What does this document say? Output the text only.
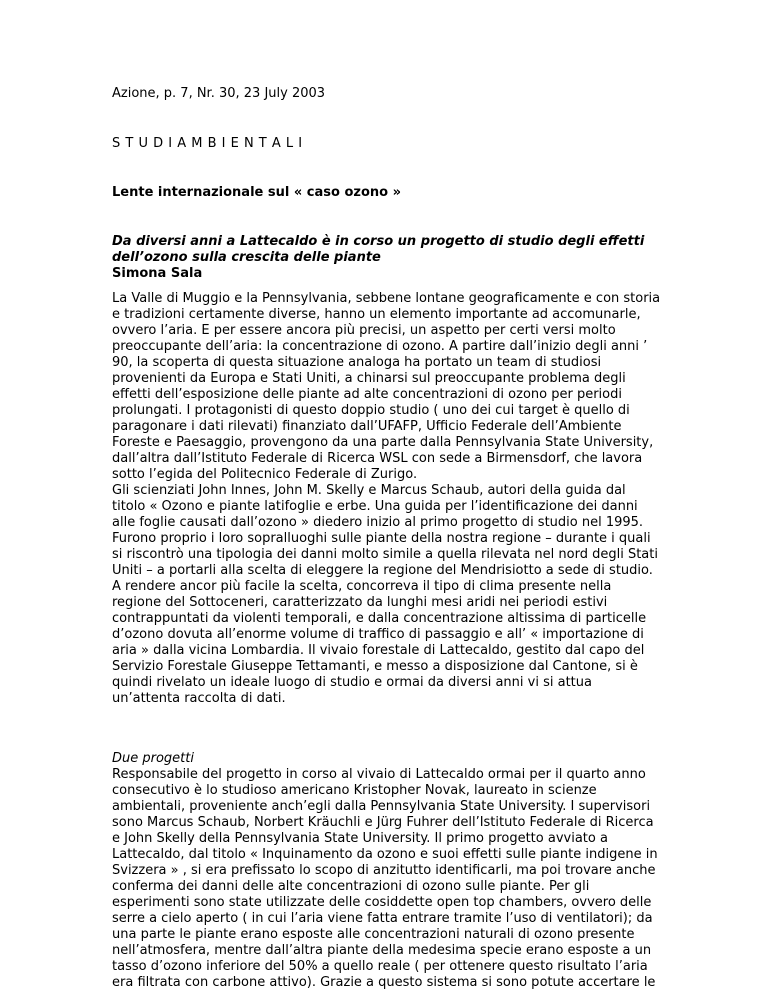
Azione, p. 7, Nr. 30, 23 July 2003
S T U D I A M B I E N T A L I
Lente internazionale sul « caso ozono »
Da diversi anni a Lattecaldo è in corso un progetto di studio degli effetti
dell’ozono sulla crescita delle piante
Simona Sala
La Valle di Muggio e la Pennsylvania, sebbene lontane geograficamente e con storia
e tradizioni certamente diverse, hanno un elemento importante ad accomunarle,
ovvero l’aria. E per essere ancora più precisi, un aspetto per certi versi molto
preoccupante dell’aria: la concentrazione di ozono. A partire dall’inizio degli anni ’
90, la scoperta di questa situazione analoga ha portato un team di studiosi
provenienti da Europa e Stati Uniti, a chinarsi sul preoccupante problema degli
effetti dell’esposizione delle piante ad alte concentrazioni di ozono per periodi
prolungati. I protagonisti di questo doppio studio ( uno dei cui target è quello di
paragonare i dati rilevati) finanziato dall’UFAFP, Ufficio Federale dell’Ambiente
Foreste e Paesaggio, provengono da una parte dalla Pennsylvania State University,
dall’altra dall’Istituto Federale di Ricerca WSL con sede a Birmensdorf, che lavora
sotto l’egida del Politecnico Federale di Zurigo.
Gli scienziati John Innes, John M. Skelly e Marcus Schaub, autori della guida dal
titolo « Ozono e piante latifoglie e erbe. Una guida per l’identificazione dei danni
alle foglie causati dall’ozono » diedero inizio al primo progetto di studio nel 1995.
Furono proprio i loro sopralluoghi sulle piante della nostra regione – durante i quali
si riscontrò una tipologia dei danni molto simile a quella rilevata nel nord degli Stati
Uniti – a portarli alla scelta di eleggere la regione del Mendrisiotto a sede di studio.
A rendere ancor più facile la scelta, concorreva il tipo di clima presente nella
regione del Sottoceneri, caratterizzato da lunghi mesi aridi nei periodi estivi
contrappuntati da violenti temporali, e dalla concentrazione altissima di particelle
d’ozono dovuta all’enorme volume di traffico di passaggio e all’ « importazione di
aria » dalla vicina Lombardia. Il vivaio forestale di Lattecaldo, gestito dal capo del
Servizio Forestale Giuseppe Tettamanti, e messo a disposizione dal Cantone, si è
quindi rivelato un ideale luogo di studio e ormai da diversi anni vi si attua
un’attenta raccolta di dati.
Due progetti
Responsabile del progetto in corso al vivaio di Lattecaldo ormai per il quarto anno
consecutivo è lo studioso americano Kristopher Novak, laureato in scienze
ambientali, proveniente anch’egli dalla Pennsylvania State University. I supervisori
sono Marcus Schaub, Norbert Kräuchli e Jürg Fuhrer dell’Istituto Federale di Ricerca
e John Skelly della Pennsylvania State University. Il primo progetto avviato a
Lattecaldo, dal titolo « Inquinamento da ozono e suoi effetti sulle piante indigene in
Svizzera » , si era prefissato lo scopo di anzitutto identificarli, ma poi trovare anche
conferma dei danni delle alte concentrazioni di ozono sulle piante. Per gli
esperimenti sono state utilizzate delle cosiddette open top chambers, ovvero delle
serre a cielo aperto ( in cui l’aria viene fatta entrare tramite l’uso di ventilatori); da
una parte le piante erano esposte alle concentrazioni naturali di ozono presente
nell’atmosfera, mentre dall’altra piante della medesima specie erano esposte a un
tasso d’ozono inferiore del 50% a quello reale ( per ottenere questo risultato l’aria
era filtrata con carbone attivo). Grazie a questo sistema si sono potute accertare le
